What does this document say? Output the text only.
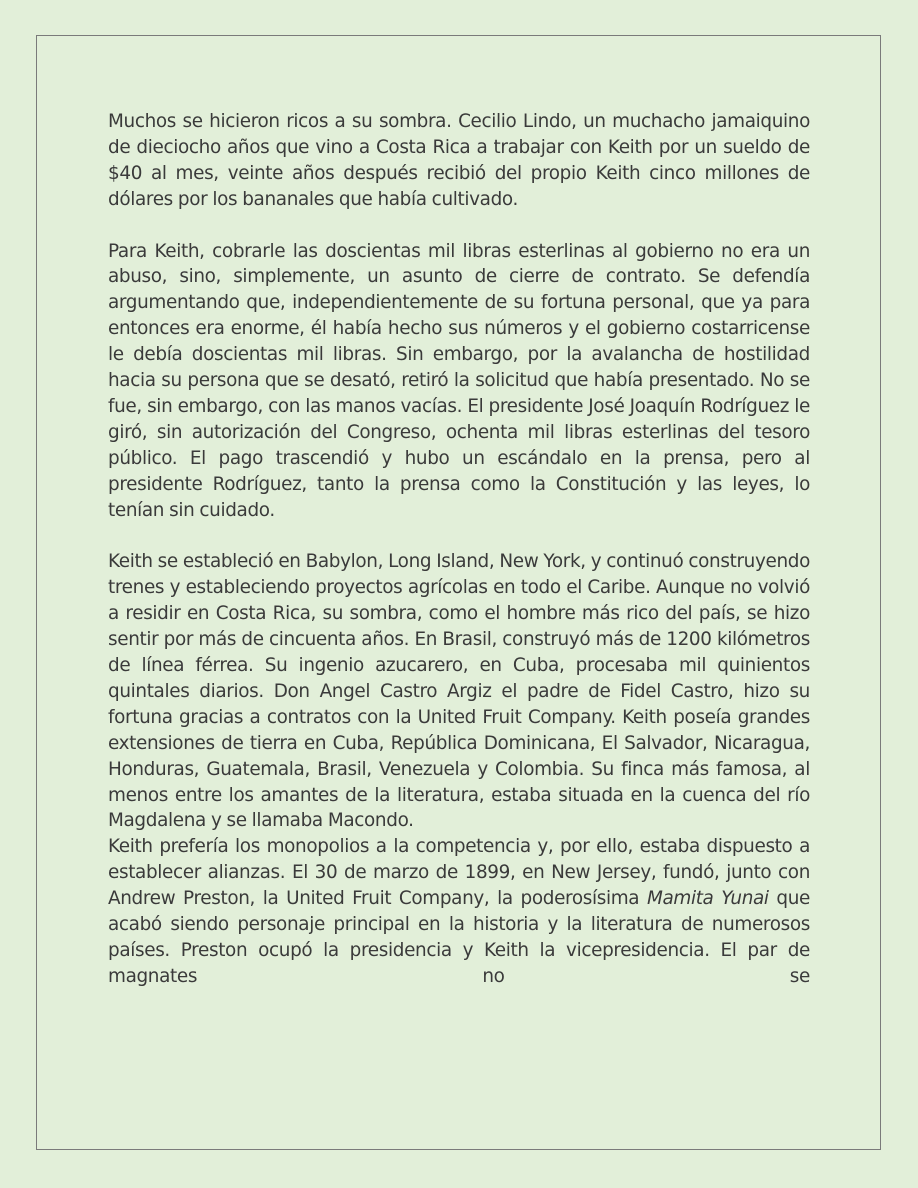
Muchos se hicieron ricos a su sombra. Cecilio Lindo, un muchacho jamaiquino de dieciocho años que vino a Costa Rica a trabajar con Keith por un sueldo de $40 al mes, veinte años después recibió del propio Keith cinco millones de dólares por los bananales que había cultivado.

Para Keith, cobrarle las doscientas mil libras esterlinas al gobierno no era un abuso, sino, simplemente, un asunto de cierre de contrato. Se defendía argumentando que, independientemente de su fortuna personal, que ya para entonces era enorme, él había hecho sus números y el gobierno costarricense le debía doscientas mil libras. Sin embargo, por la avalancha de hostilidad hacia su persona que se desató, retiró la solicitud que había presentado. No se fue, sin embargo, con las manos vacías. El presidente José Joaquín Rodríguez le giró, sin autorización del Congreso, ochenta mil libras esterlinas del tesoro público. El pago trascendió y hubo un escándalo en la prensa, pero al presidente Rodríguez, tanto la prensa como la Constitución y las leyes, lo tenían sin cuidado.

Keith se estableció en Babylon, Long Island, New York, y continuó construyendo trenes y estableciendo proyectos agrícolas en todo el Caribe. Aunque no volvió a residir en Costa Rica, su sombra, como el hombre más rico del país, se hizo sentir por más de cincuenta años. En Brasil, construyó más de 1200 kilómetros de línea férrea. Su ingenio azucarero, en Cuba, procesaba mil quinientos quintales diarios. Don Angel Castro Argiz el padre de Fidel Castro, hizo su fortuna gracias a contratos con la United Fruit Company. Keith poseía grandes extensiones de tierra en Cuba, República Dominicana, El Salvador, Nicaragua, Honduras, Guatemala, Brasil, Venezuela y Colombia. Su finca más famosa, al menos entre los amantes de la literatura, estaba situada en la cuenca del río Magdalena y se llamaba Macondo.

Keith prefería los monopolios a la competencia y, por ello, estaba dispuesto a establecer alianzas. El 30 de marzo de 1899, en New Jersey, fundó, junto con Andrew Preston, la United Fruit Company, la poderosísima Mamita Yunai que acabó siendo personaje principal en la historia y la literatura de numerosos países. Preston ocupó la presidencia y Keith la vicepresidencia. El par de magnates no se
